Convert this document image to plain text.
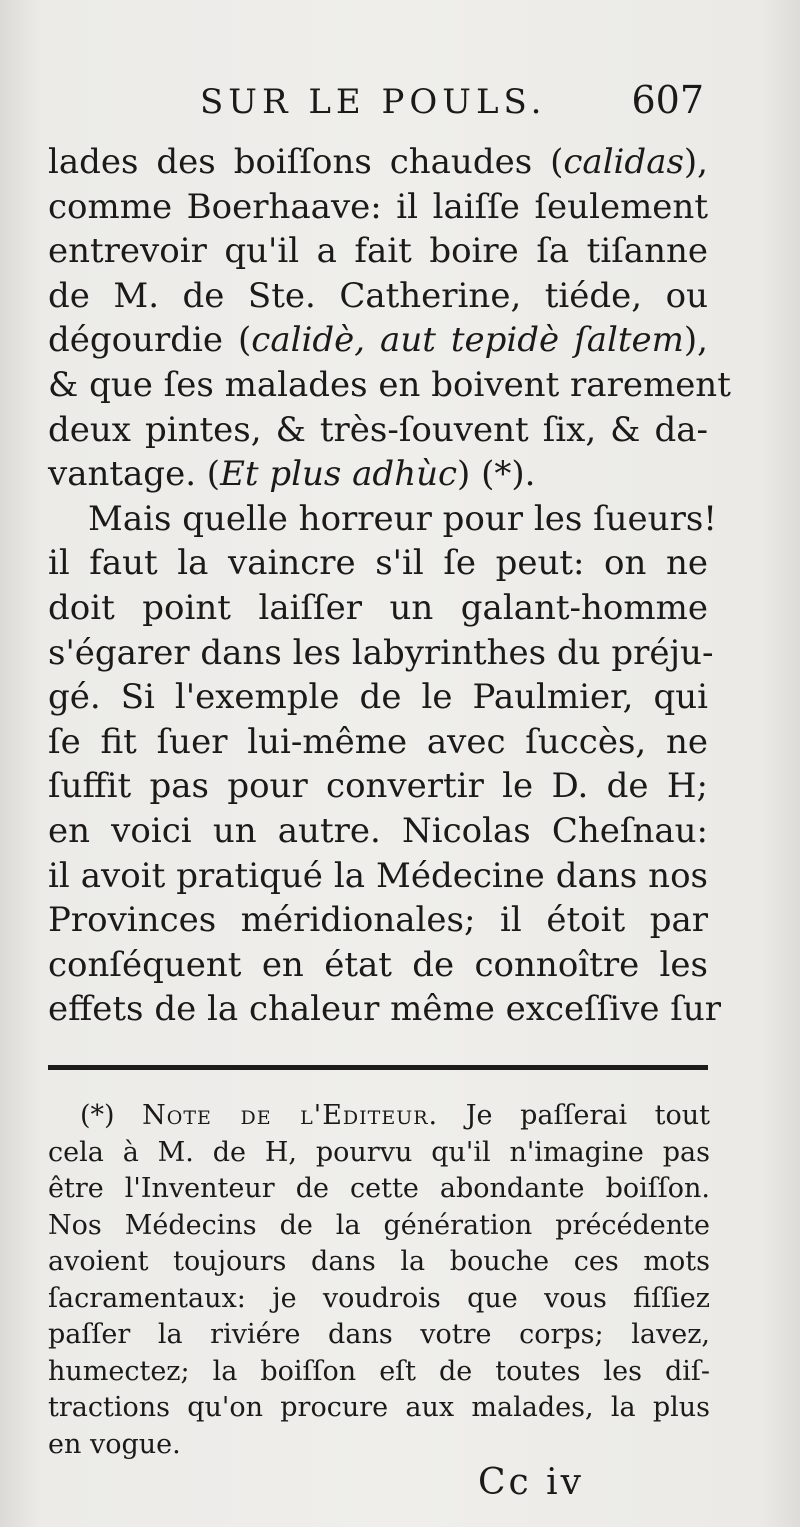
SUR LE POULS. 607
lades des boiſſons chaudes (calidas),
comme Boerhaave: il laiſſe ſeulement
entrevoir qu'il a fait boire ſa tiſanne
de M. de Ste. Catherine, tiéde, ou
dégourdie (calidè, aut tepidè ſaltem),
& que ſes malades en boivent rarement
deux pintes, & très-ſouvent ſix, & da-
vantage. (Et plus adhùc) (*).
Mais quelle horreur pour les ſueurs!
il faut la vaincre s'il ſe peut: on ne
doit point laiſſer un galant-homme
s'égarer dans les labyrinthes du préju-
gé. Si l'exemple de le Paulmier, qui
ſe fit ſuer lui-même avec ſuccès, ne
ſuffit pas pour convertir le D. de H;
en voici un autre. Nicolas Cheſnau:
il avoit pratiqué la Médecine dans nos
Provinces méridionales; il étoit par
conſéquent en état de connoître les
effets de la chaleur même exceſſive ſur
(*) Note de l'Editeur. Je paſſerai tout
cela à M. de H, pourvu qu'il n'imagine pas
être l'Inventeur de cette abondante boiſſon.
Nos Médecins de la génération précédente
avoient toujours dans la bouche ces mots
ſacramentaux: je voudrois que vous fiſſiez
paſſer la riviére dans votre corps; lavez,
humectez; la boiſſon eſt de toutes les diſ-
tractions qu'on procure aux malades, la plus
en vogue.
Cc iv
